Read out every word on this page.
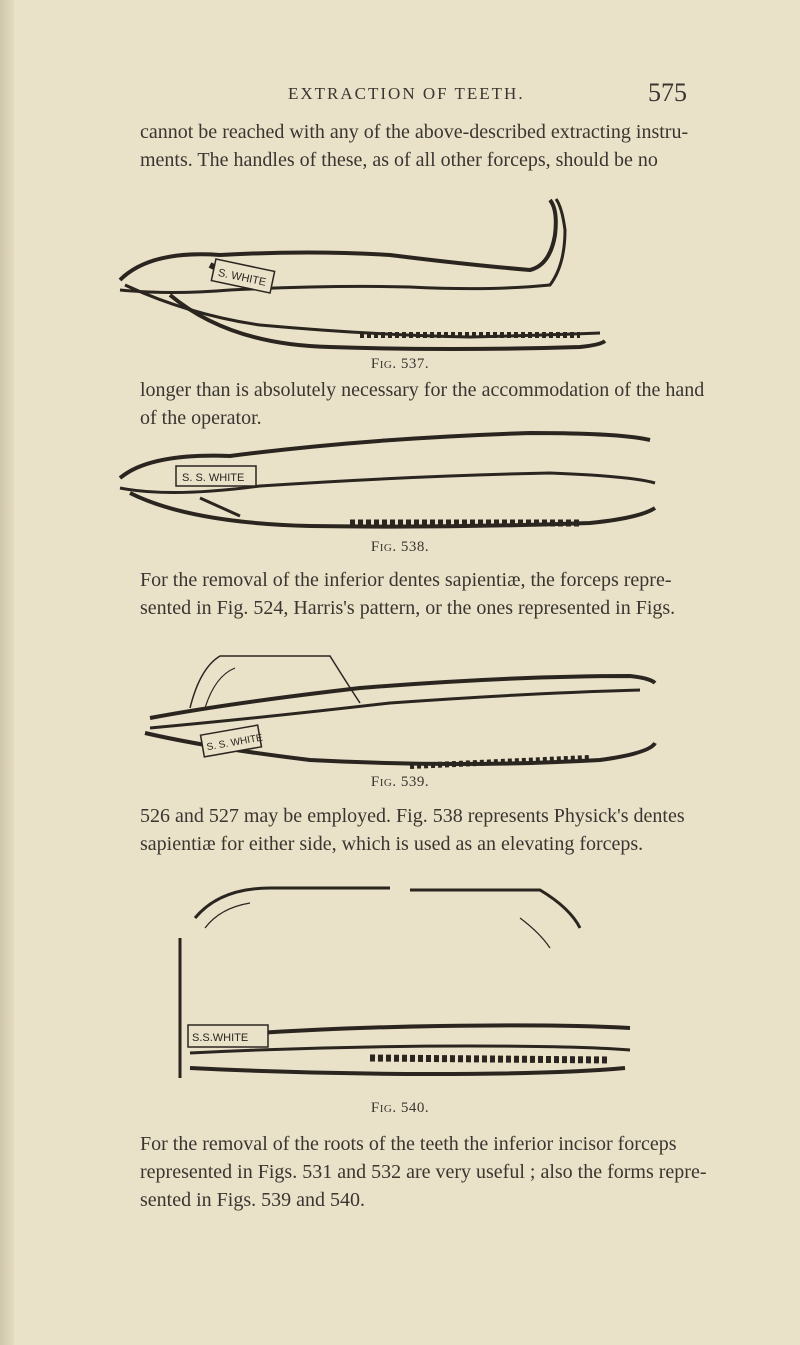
EXTRACTION OF TEETH.	575

cannot be reached with any of the above-described extracting instru-
ments. The handles of these, as of all other forceps, should be no

S. WHITE
Fig. 537.

longer than is absolutely necessary for the accommodation of the hand
of the operator.

S. S. WHITE
Fig. 538.

For the removal of the inferior dentes sapientiæ, the forceps repre-
sented in Fig. 524, Harris's pattern, or the ones represented in Figs.

S. S. WHITE
Fig. 539.

526 and 527 may be employed. Fig. 538 represents Physick's dentes
sapientiæ for either side, which is used as an elevating forceps.

S.S.WHITE
Fig. 540.

For the removal of the roots of the teeth the inferior incisor forceps
represented in Figs. 531 and 532 are very useful ; also the forms repre-
sented in Figs. 539 and 540.
